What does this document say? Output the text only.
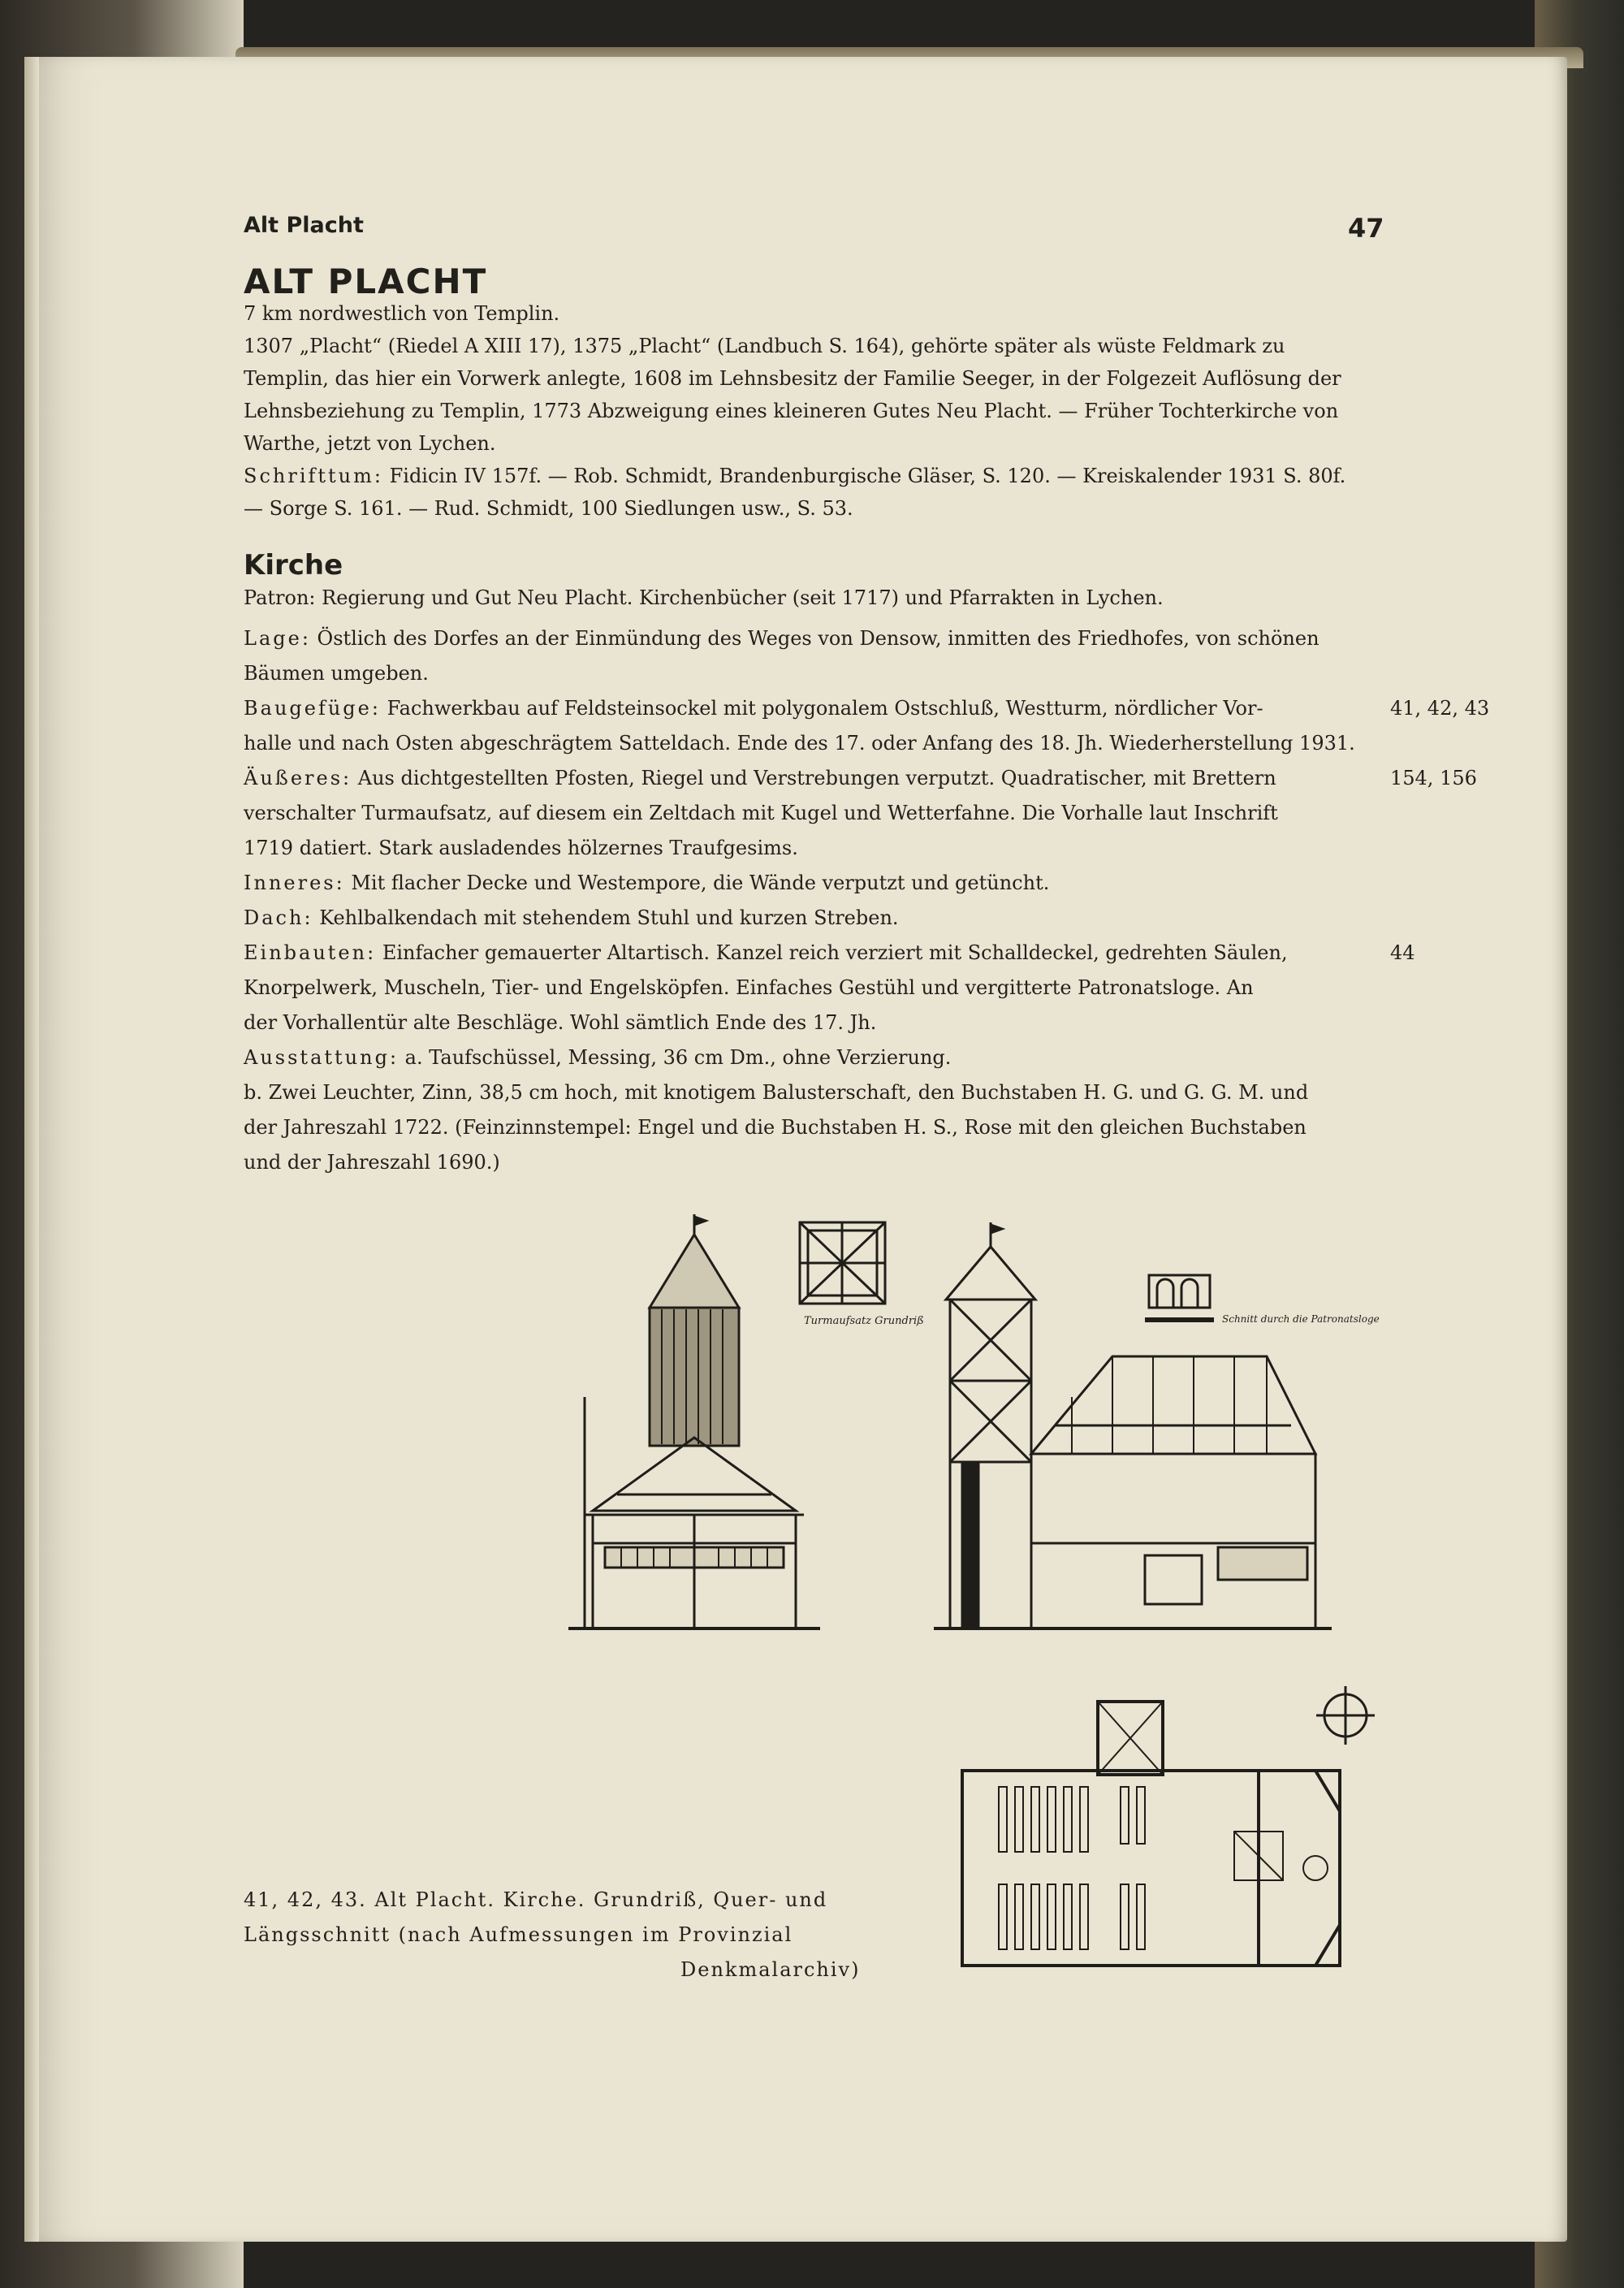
Alt Placht	47
ALT PLACHT
7 km nordwestlich von Templin.
1307 „Placht“ (Riedel A XIII 17), 1375 „Placht“ (Landbuch S. 164), gehörte später als wüste Feldmark zu
Templin, das hier ein Vorwerk anlegte, 1608 im Lehnsbesitz der Familie Seeger, in der Folgezeit Auflösung der
Lehnsbeziehung zu Templin, 1773 Abzweigung eines kleineren Gutes Neu Placht. — Früher Tochterkirche von
Warthe, jetzt von Lychen.
Schrifttum: Fidicin IV 157f. — Rob. Schmidt, Brandenburgische Gläser, S. 120. — Kreiskalender 1931 S. 80f.
— Sorge S. 161. — Rud. Schmidt, 100 Siedlungen usw., S. 53.
Kirche
Patron: Regierung und Gut Neu Placht. Kirchenbücher (seit 1717) und Pfarrakten in Lychen.
Lage: Östlich des Dorfes an der Einmündung des Weges von Densow, inmitten des Friedhofes, von schönen
Bäumen umgeben.
Baugefüge: Fachwerkbau auf Feldsteinsockel mit polygonalem Ostschluß, Westturm, nördlicher Vor-
halle und nach Osten abgeschrägtem Satteldach. Ende des 17. oder Anfang des 18. Jh. Wiederherstellung 1931.
41, 42, 43
Äußeres: Aus dichtgestellten Pfosten, Riegel und Verstrebungen verputzt. Quadratischer, mit Brettern
verschalter Turmaufsatz, auf diesem ein Zeltdach mit Kugel und Wetterfahne. Die Vorhalle laut Inschrift
1719 datiert. Stark ausladendes hölzernes Traufgesims.
154, 156
Inneres: Mit flacher Decke und Westempore, die Wände verputzt und getüncht.
Dach: Kehlbalkendach mit stehendem Stuhl und kurzen Streben.
Einbauten: Einfacher gemauerter Altartisch. Kanzel reich verziert mit Schalldeckel, gedrehten Säulen,
Knorpelwerk, Muscheln, Tier- und Engelsköpfen. Einfaches Gestühl und vergitterte Patronatsloge. An
der Vorhallentür alte Beschläge. Wohl sämtlich Ende des 17. Jh.
44
Ausstattung: a. Taufschüssel, Messing, 36 cm Dm., ohne Verzierung.
b. Zwei Leuchter, Zinn, 38,5 cm hoch, mit knotigem Balusterschaft, den Buchstaben H. G. und G. G. M. und
der Jahreszahl 1722. (Feinzinnstempel: Engel und die Buchstaben H. S., Rose mit den gleichen Buchstaben
und der Jahreszahl 1690.)
Turmaufsatz Grundriß	Schnitt durch die Patronatsloge
41, 42, 43. Alt Placht. Kirche. Grundriß, Quer- und
Längsschnitt (nach Aufmessungen im Provinzial
Denkmalarchiv)
